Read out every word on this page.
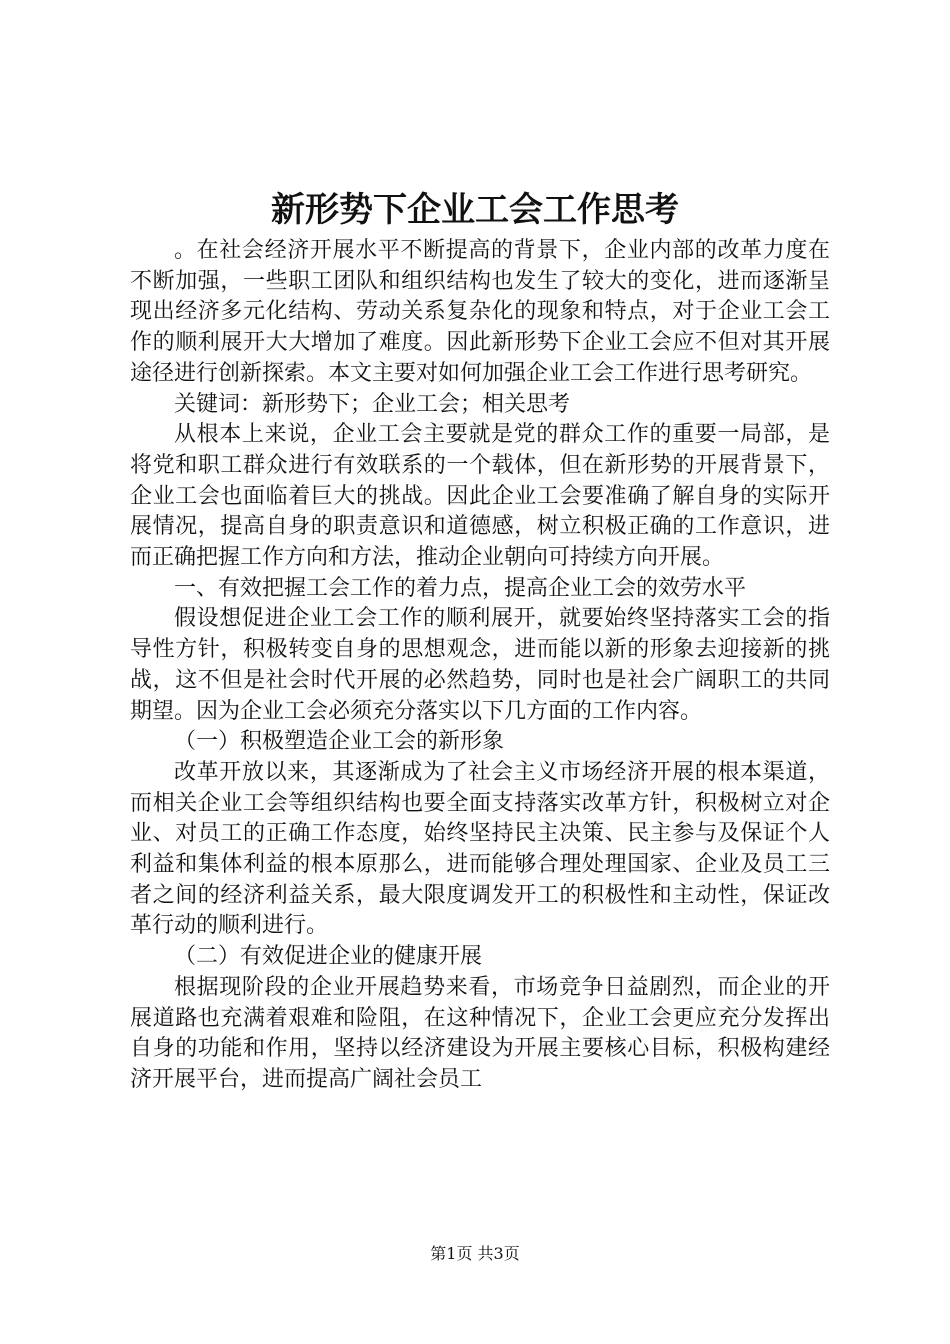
新形势下企业工会工作思考

。在社会经济开展水平不断提高的背景下，企业内部的改革力度在不断加强，一些职工团队和组织结构也发生了较大的变化，进而逐渐呈现出经济多元化结构、劳动关系复杂化的现象和特点，对于企业工会工作的顺利展开大大增加了难度。因此新形势下企业工会应不但对其开展途径进行创新探索。本文主要对如何加强企业工会工作进行思考研究。

关键词：新形势下；企业工会；相关思考

从根本上来说，企业工会主要就是党的群众工作的重要一局部，是将党和职工群众进行有效联系的一个载体，但在新形势的开展背景下，企业工会也面临着巨大的挑战。因此企业工会要准确了解自身的实际开展情况，提高自身的职责意识和道德感，树立积极正确的工作意识，进而正确把握工作方向和方法，推动企业朝向可持续方向开展。

一、有效把握工会工作的着力点，提高企业工会的效劳水平

假设想促进企业工会工作的顺利展开，就要始终坚持落实工会的指导性方针，积极转变自身的思想观念，进而能以新的形象去迎接新的挑战，这不但是社会时代开展的必然趋势，同时也是社会广阔职工的共同期望。因为企业工会必须充分落实以下几方面的工作内容。

（一）积极塑造企业工会的新形象

改革开放以来，其逐渐成为了社会主义市场经济开展的根本渠道，而相关企业工会等组织结构也要全面支持落实改革方针，积极树立对企业、对员工的正确工作态度，始终坚持民主决策、民主参与及保证个人利益和集体利益的根本原那么，进而能够合理处理国家、企业及员工三者之间的经济利益关系，最大限度调发开工的积极性和主动性，保证改革行动的顺利进行。

（二）有效促进企业的健康开展

根据现阶段的企业开展趋势来看，市场竞争日益剧烈，而企业的开展道路也充满着艰难和险阻，在这种情况下，企业工会更应充分发挥出自身的功能和作用，坚持以经济建设为开展主要核心目标，积极构建经济开展平台，进而提高广阔社会员工

第1页 共3页
